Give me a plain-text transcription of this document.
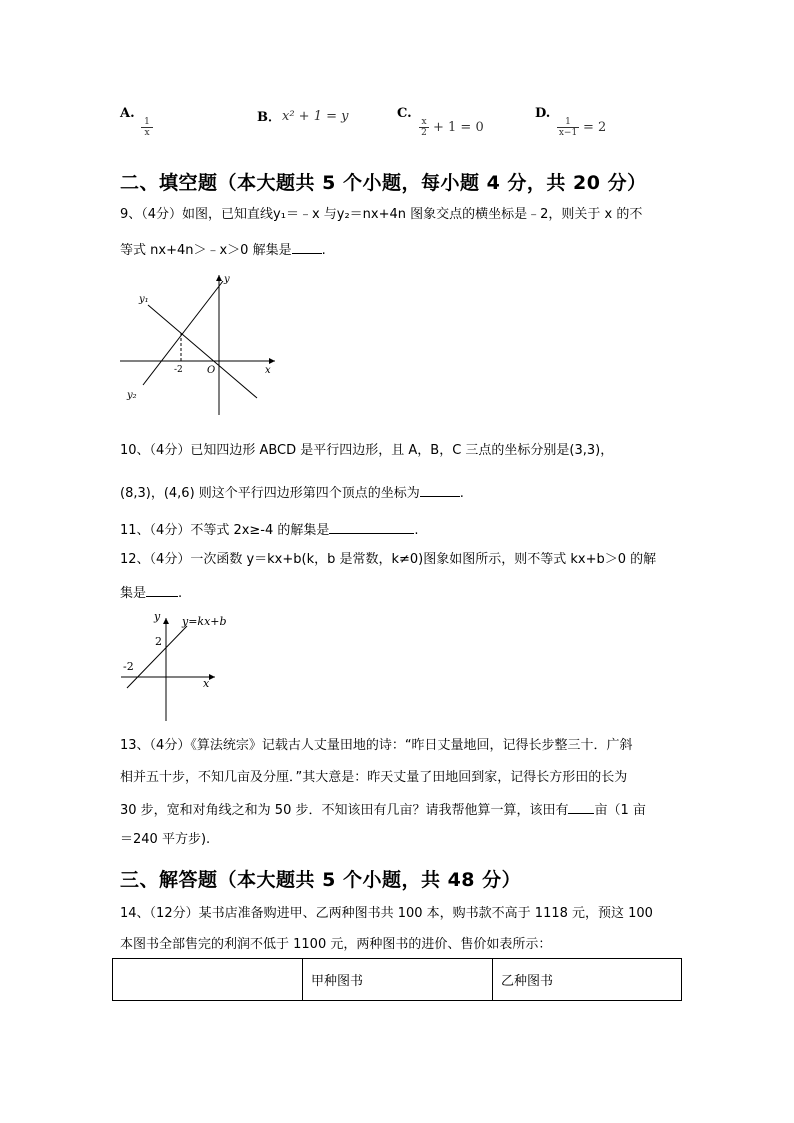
A.
$\frac{1}{x}$	B． x² + 1 = y	C.
$\frac{x}{2} + 1 = 0$
D.
$\frac{1}{x-1} = 2$
二、填空题（本大题共 5 个小题，每小题 4 分，共 20 分）
9、（4分）如图，已知直线y₁＝﹣x 与y₂＝nx+4n 图象交点的横坐标是﹣2，则关于 x 的不
等式 nx+4n＞﹣x＞0 解集是 .
y₁
y₂
y
x
O
-2
10、（4分）已知四边形 ABCD 是平行四边形，且 A，B，C 三点的坐标分别是(3,3)，
(8,3)，(4,6) 则这个平行四边形第四个顶点的坐标为	.
11、（4分）不等式 2x≥-4 的解集是	.
12、（4分）一次函数 y＝kx+b(k，b 是常数，k≠0)图象如图所示，则不等式 kx+b＞0 的解
集是 .
y
x
y=kx+b
2
-2
13、（4分）《算法统宗》记载古人丈量田地的诗：“昨日丈量地回，记得长步整三十．广斜
相并五十步，不知几亩及分厘．”其大意是：昨天丈量了田地回到家，记得长方形田的长为
30 步，宽和对角线之和为 50 步．不知该田有几亩？请我帮他算一算，该田有 亩（1 亩
＝240 平方步).
三、解答题（本大题共 5 个小题，共 48 分）
14、（12分）某书店准备购进甲、乙两种图书共 100 本，购书款不高于 1118 元，预这 100
本图书全部售完的利润不低于 1100 元，两种图书的进价、售价如表所示：
	甲种图书	乙种图书
